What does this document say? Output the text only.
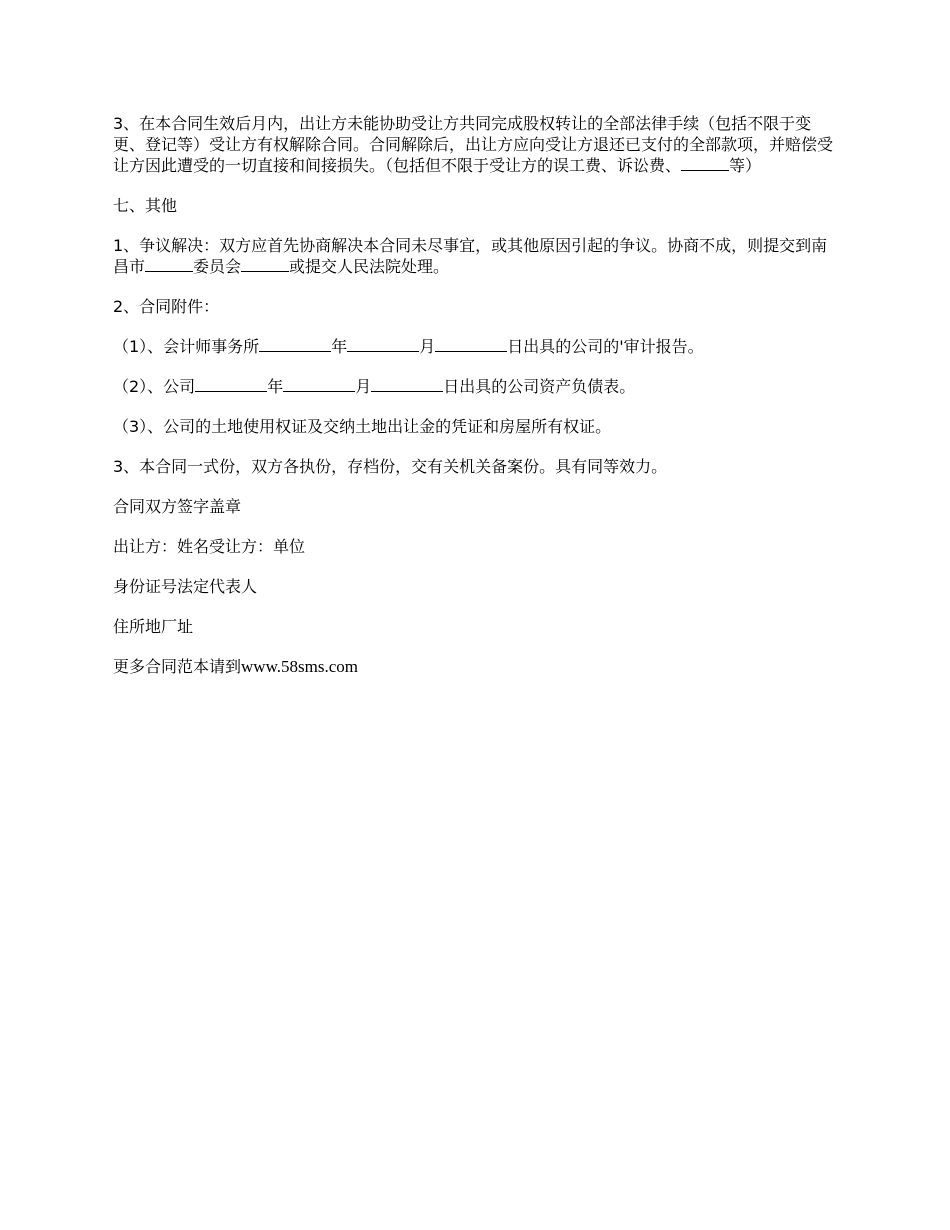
3、在本合同生效后月内，出让方未能协助受让方共同完成股权转让的全部法律手续（包括不限于变更、登记等）受让方有权解除合同。合同解除后，出让方应向受让方退还已支付的全部款项，并赔偿受让方因此遭受的一切直接和间接损失。（包括但不限于受让方的误工费、诉讼费、	等）

七、其他

1、争议解决：双方应首先协商解决本合同未尽事宜，或其他原因引起的争议。协商不成，则提交到南昌市	委员会	或提交人民法院处理。

2、合同附件：

（1）、会计师事务所	年	月	日出具的公司的'审计报告。

（2）、公司	年	月	日出具的公司资产负债表。

（3）、公司的土地使用权证及交纳土地出让金的凭证和房屋所有权证。

3、本合同一式份，双方各执份，存档份，交有关机关备案份。具有同等效力。

合同双方签字盖章

出让方：姓名受让方：单位

身份证号法定代表人

住所地厂址

更多合同范本请到www.58sms.com
